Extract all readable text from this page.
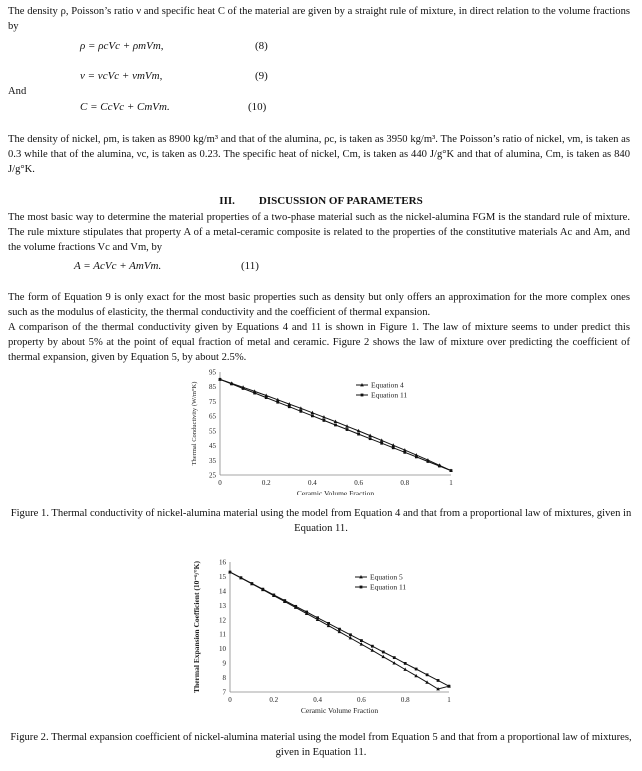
The density ρ, Poisson’s ratio ν and specific heat C of the material are given by a straight rule of mixture, in direct relation to the volume fractions by
ρ = ρcVc + ρmVm,	(8)
ν = νcVc + νmVm,	(9)
And
C = CcVc + CmVm.	(10)
The density of nickel, ρm, is taken as 8900 kg/m³ and that of the alumina, ρc, is taken as 3950 kg/m³. The Poisson’s ratio of nickel, νm, is taken as 0.3 while that of the alumina, νc, is taken as 0.23. The specific heat of nickel, Cm, is taken as 440 J/g°K and that of alumina, Cm, is taken as 840 J/g°K.
III. DISCUSSION OF PARAMETERS
The most basic way to determine the material properties of a two-phase material such as the nickel-alumina FGM is the standard rule of mixture. The rule mixture stipulates that property A of a metal-ceramic composite is related to the properties of the constitutive materials Ac and Am, and the volume fractions Vc and Vm, by
A = AcVc + AmVm.	(11)
The form of Equation 9 is only exact for the most basic properties such as density but only offers an approximation for the more complex ones such as the modulus of elasticity, the thermal conductivity and the coefficient of thermal expansion.
A comparison of the thermal conductivity given by Equations 4 and 11 is shown in Figure 1. The law of mixture seems to under predict this property by about 5% at the point of equal fraction of metal and ceramic. Figure 2 shows the law of mixture over predicting the coefficient of thermal expansion, given by Equation 5, by about 2.5%.
25
35
45
55
65
75
85
95
0	0.2	0.4	0.6	0.8	1
Ceramic Volume Fraction
Thermal Conductivity (W/m°K)	Equation 4
Equation 11
Figure 1. Thermal conductivity of nickel-alumina material using the model from Equation 4 and that from a proportional law of mixtures, given in Equation 11.
7
8
9
10
11
12
13
14
15
16
0	0.2	0.4	0.6	0.8	1
Ceramic Volume Fraction
Thermal Expansion Coefficient (10⁻⁶/°K)	Equation 5
Equation 11
Figure 2. Thermal expansion coefficient of nickel-alumina material using the model from Equation 5 and that from a proportional law of mixtures, given in Equation 11.
